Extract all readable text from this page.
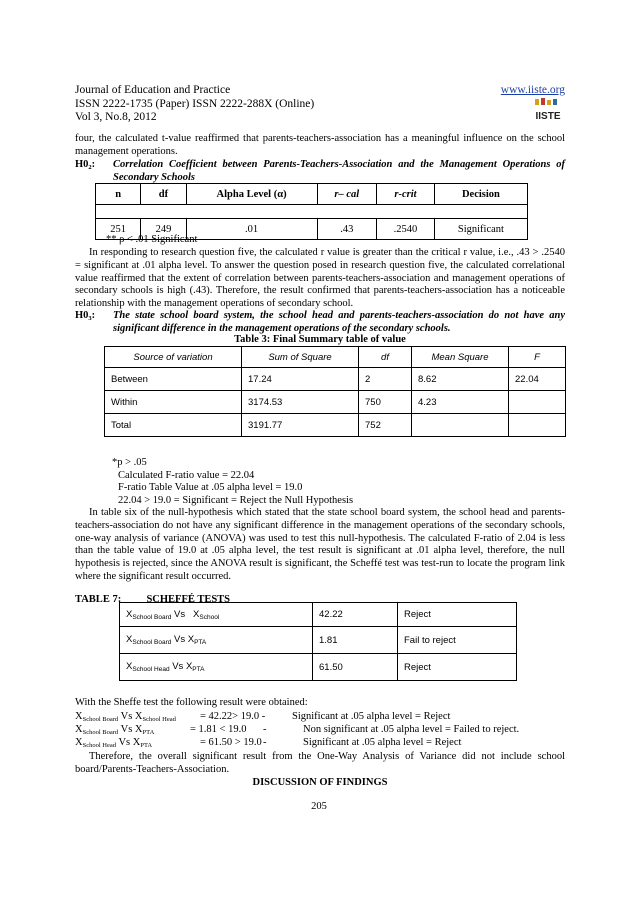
Journal of Education and Practice
ISSN 2222-1735 (Paper) ISSN 2222-288X (Online)
Vol 3, No.8, 2012
www.iiste.org
IISTE
four, the calculated t-value reaffirmed that parents-teachers-association has a meaningful influence on the school management operations.
$H0_2$:	Correlation Coefficient between Parents-Teachers-Association and the Management Operations of Secondary Schools
n	df	Alpha Level (α)	r– cal	r-crit	Decision

251	249	.01	.43	.2540	Significant
** ρ < .01 Significant
In responding to research question five, the calculated r value is greater than the critical r value, i.e., .43 > .2540 = significant at .01 alpha level. To answer the question posed in research question five, the calculated correlational value reaffirmed that the extent of correlation between parents-teachers-association and management operations of secondary schools is high (.43). Therefore, the result confirmed that parents-teachers-association has a noticeable relationship with the management operations of secondary school.
$H0_3$:	The state school board system, the school head and parents-teachers-association do not have any significant difference in the management operations of the secondary schools.
Table 3: Final Summary table of value
Source of variation	Sum of Square	df	Mean Square	F
Between	17.24	2	8.62	22.04
Within	3174.53	750	4.23	
Total	3191.77	752		
*p > .05
Calculated F-ratio value = 22.04
F-ratio Table Value at .05 alpha level = 19.0
22.04 > 19.0 = Significant = Reject the Null Hypothesis
In table six of the null-hypothesis which stated that the state school board system, the school head and parents-teachers-association do not have any significant difference in the management operations of the secondary schools, one-way analysis of variance (ANOVA) was used to test this null-hypothesis. The calculated F-ratio of 2.04 is less than the table value of 19.0 at .05 alpha level, the test result is significant at .01 alpha level, therefore, the null hypothesis is rejected, since the ANOVA result is significant, the Scheffé test was test-run to locate the program link where the significant result occurred.
TABLE 7: SCHEFFÉ TESTS
$X_{School Board}$ Vs $X_{School}$	42.22	Reject
$X_{School Board}$ Vs $X_{PTA}$	1.81	Fail to reject
$X_{School Head}$ Vs $X_{PTA}$	61.50	Reject
With the Sheffe test the following result were obtained:
$X_{School Board}$ Vs $X_{School Head} = 42.22> 19.0$ -	Significant at .05 alpha level = Reject
$X_{School Board}$ Vs $X_{PTA}$	= 1.81 < 19.0 -	Non significant at .05 alpha level = Failed to reject.
$X_{School Head}$ Vs $X_{PTA}$	= 61.50 > 19.0 -	Significant at .05 alpha level = Reject
Therefore, the overall significant result from the One-Way Analysis of Variance did not include school board/Parents-Teachers-Association.
DISCUSSION OF FINDINGS
205
